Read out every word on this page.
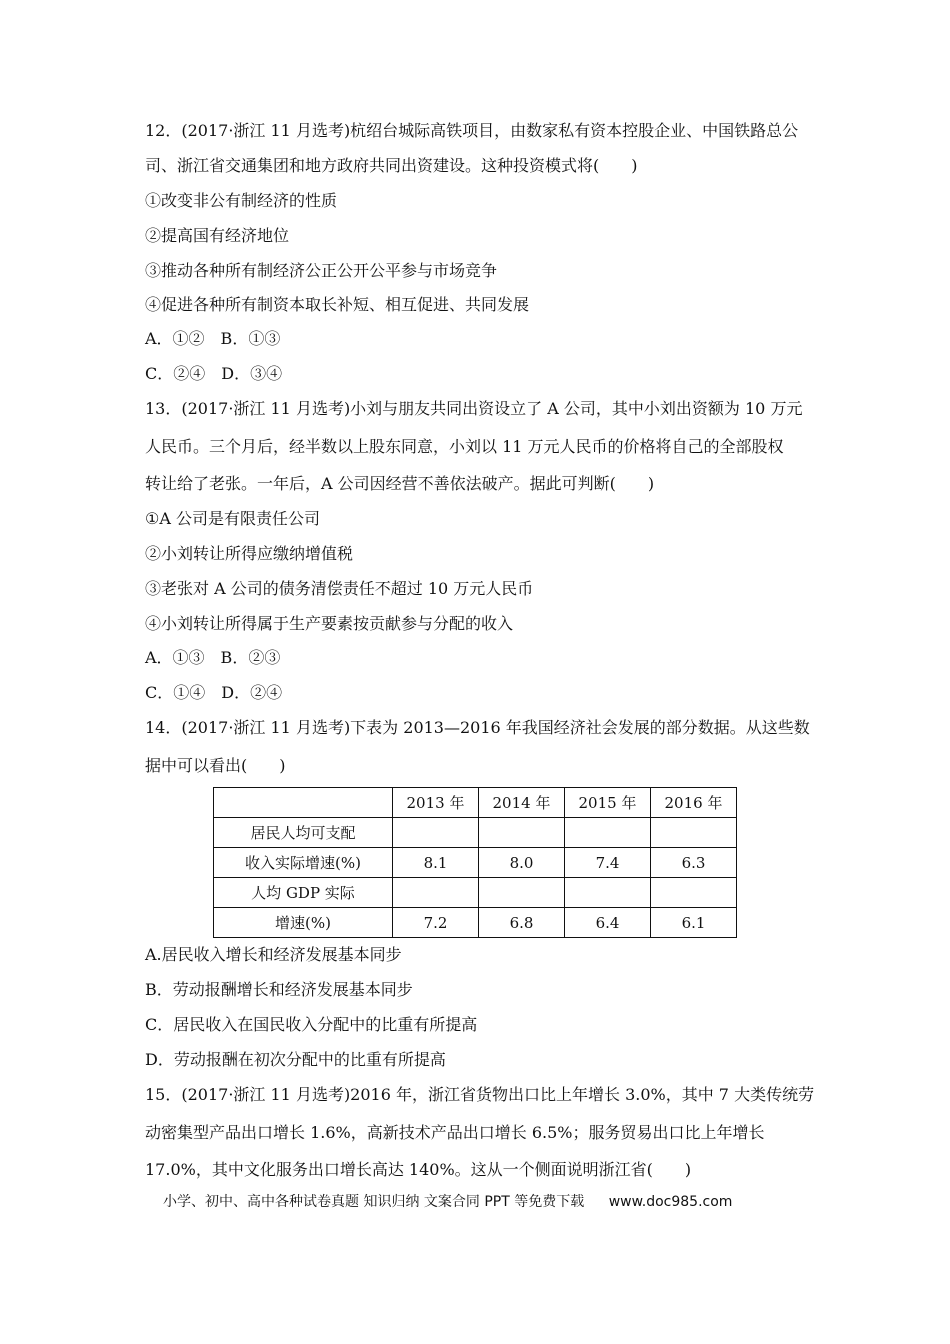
12．(2017·浙江 11 月选考)杭绍台城际高铁项目，由数家私有资本控股企业、中国铁路总公
司、浙江省交通集团和地方政府共同出资建设。这种投资模式将(　　)
①改变非公有制经济的性质
②提高国有经济地位
③推动各种所有制经济公正公开公平参与市场竞争
④促进各种所有制资本取长补短、相互促进、共同发展
A．①②　B．①③
C．②④　D．③④
13．(2017·浙江 11 月选考)小刘与朋友共同出资设立了 A 公司，其中小刘出资额为 10 万元
人民币。三个月后，经半数以上股东同意，小刘以 11 万元人民币的价格将自己的全部股权
转让给了老张。一年后，A 公司因经营不善依法破产。据此可判断(　　)
①A 公司是有限责任公司
②小刘转让所得应缴纳增值税
③老张对 A 公司的债务清偿责任不超过 10 万元人民币
④小刘转让所得属于生产要素按贡献参与分配的收入
A．①③　B．②③
C．①④　D．②④
14．(2017·浙江 11 月选考)下表为 2013—2016 年我国经济社会发展的部分数据。从这些数
据中可以看出(　　)
	2013 年	2014 年	2015 年	2016 年
居民人均可支配				
收入实际增速(%)	8.1	8.0	7.4	6.3
人均 GDP 实际				
增速(%)	7.2	6.8	6.4	6.1
A.居民收入增长和经济发展基本同步
B．劳动报酬增长和经济发展基本同步
C．居民收入在国民收入分配中的比重有所提高
D．劳动报酬在初次分配中的比重有所提高
15．(2017·浙江 11 月选考)2016 年，浙江省货物出口比上年增长 3.0%，其中 7 大类传统劳
动密集型产品出口增长 1.6%，高新技术产品出口增长 6.5%；服务贸易出口比上年增长
17.0%，其中文化服务出口增长高达 140%。这从一个侧面说明浙江省(　　)
小学、初中、高中各种试卷真题 知识归纳 文案合同 PPT 等免费下载 www.doc985.com
